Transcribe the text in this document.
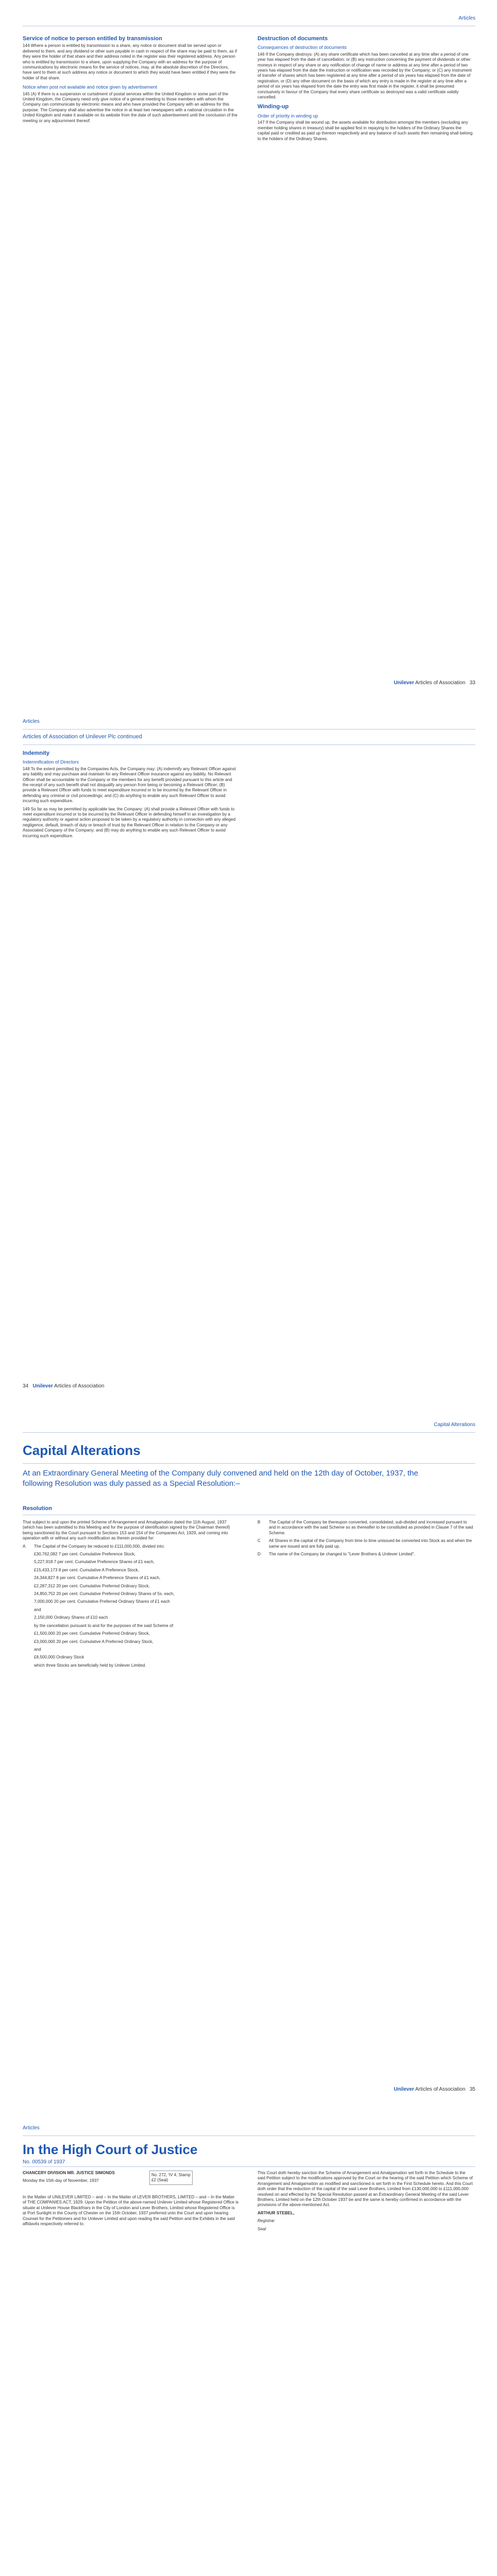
Articles
Service of notice to person entitled by transmission

144 Where a person is entitled by transmission to a share, any notice or document shall be served upon or delivered to them, and any dividend or other sum payable in cash in respect of the share may be paid to them, as if they were the holder of that share and their address noted in the register was their registered address. Any person who is entitled by transmission to a share, upon supplying the Company with an address for the purpose of communications by electronic means for the service of notices, may, at the absolute discretion of the Directors, have sent to them at such address any notice or document to which they would have been entitled if they were the holder of that share.

Notice when post not available and notice given by advertisement

145 (A) If there is a suspension or curtailment of postal services within the United Kingdom or some part of the United Kingdom, the Company need only give notice of a general meeting to those members with whom the Company can communicate by electronic means and who have provided the Company with an address for this purpose. The Company shall also advertise the notice in at least two newspapers with a national circulation in the United Kingdom and make it available on its website from the date of such advertisement until the conclusion of the meeting or any adjournment thereof.

Destruction of documents
Consequences of destruction of documents

146 If the Company destroys: (A) any share certificate which has been cancelled at any time after a period of one year has elapsed from the date of cancellation; or (B) any instruction concerning the payment of dividends or other moneys in respect of any share or any notification of change of name or address at any time after a period of two years has elapsed from the date the instruction or notification was recorded by the Company; or (C) any instrument of transfer of shares which has been registered at any time after a period of six years has elapsed from the date of registration; or (D) any other document on the basis of which any entry is made in the register at any time after a period of six years has elapsed from the date the entry was first made in the register, it shall be presumed conclusively in favour of the Company that every share certificate so destroyed was a valid certificate validly cancelled.

Winding-up
Order of priority in winding up

147 If the Company shall be wound up, the assets available for distribution amongst the members (excluding any member holding shares in treasury) shall be applied first in repaying to the holders of the Ordinary Shares the capital paid or credited as paid up thereon respectively and any balance of such assets then remaining shall belong to the holders of the Ordinary Shares.

Unilever Articles of Association 33
Articles
Articles of Association of Unilever Plc continued
Indemnity
Indemnification of Directors

148 To the extent permitted by the Companies Acts, the Company may: (A) indemnify any Relevant Officer against any liability and may purchase and maintain for any Relevant Officer insurance against any liability. No Relevant Officer shall be accountable to the Company or the members for any benefit provided pursuant to this article and the receipt of any such benefit shall not disqualify any person from being or becoming a Relevant Officer; (B) provide a Relevant Officer with funds to meet expenditure incurred or to be incurred by the Relevant Officer in defending any criminal or civil proceedings; and (C) do anything to enable any such Relevant Officer to avoid incurring such expenditure.

149 So far as may be permitted by applicable law, the Company: (A) shall provide a Relevant Officer with funds to meet expenditure incurred or to be incurred by the Relevant Officer in defending himself in an investigation by a regulatory authority or against action proposed to be taken by a regulatory authority in connection with any alleged negligence, default, breach of duty or breach of trust by the Relevant Officer in relation to the Company or any Associated Company of the Company; and (B) may do anything to enable any such Relevant Officer to avoid incurring such expenditure.

34 Unilever Articles of Association
Capital Alterations
Capital Alterations
At an Extraordinary General Meeting of the Company duly convened and held on the 12th day of October, 1937, the following Resolution was duly passed as a Special Resolution:–
Resolution

That subject to and upon the printed Scheme of Arrangement and Amalgamation dated the 11th August, 1937 (which has been submitted to this Meeting and for the purpose of identification signed by the Chairman thereof) being sanctioned by the Court pursuant to Sections 153 and 154 of the Companies Act, 1929, and coming into operation with or without any such modification as therein provided for:

A	The Capital of the Company be reduced to £111,000,000, divided into:

£30,762,082 7 per cent. Cumulative Preference Stock,

5,227,918 7 per cent. Cumulative Preference Shares of £1 each,

£15,433,173 8 per cent. Cumulative A Preference Stock,

24,344,827 8 per cent. Cumulative A Preference Shares of £1 each,

£2,287,312 20 per cent. Cumulative Preferred Ordinary Stock,

24,850,752 20 per cent. Cumulative Preferred Ordinary Shares of 5s. each,

7,000,000 20 per cent. Cumulative Preferred Ordinary Shares of £1 each

and

2,150,000 Ordinary Shares of £10 each

by the cancellation pursuant to and for the purposes of the said Scheme of:

£1,500,000 20 per cent. Cumulative Preferred Ordinary Stock,

£3,000,000 20 per cent. Cumulative A Preferred Ordinary Stock,

and

£8,500,000 Ordinary Stock

which three Stocks are beneficially held by Unilever Limited.

B	The Capital of the Company be thereupon converted, consolidated, sub-divided and increased pursuant to and in accordance with the said Scheme so as thereafter to be constituted as provided in Clause 7 of the said Scheme.

C	All Shares in the capital of the Company from time to time unissued be converted into Stock as and when the same are issued and are fully paid up.

D	The name of the Company be changed to "Lever Brothers & Unilever Limited".

Unilever Articles of Association 35
Articles
In the High Court of Justice
No. 00539 of 1937

CHANCERY DIVISION MR. JUSTICE SIMONDS

Monday the 15th day of November, 1937

No. 272, 'IV 4, Stamp £2 (Seal)

In the Matter of UNILEVER LIMITED – and – In the Matter of LEVER BROTHERS, LIMITED – and – In the Matter of THE COMPANIES ACT, 1929. Upon the Petition of the above-named Unilever Limited whose Registered Office is situate at Unilever House Blackfriars in the City of London and Lever Brothers, Limited whose Registered Office is at Port Sunlight in the County of Chester on the 15th October, 1937 preferred unto the Court and upon hearing Counsel for the Petitioners and for Unilever Limited and upon reading the said Petition and the Exhibits in the said affidavits respectively referred to.

This Court doth hereby sanction the Scheme of Arrangement and Amalgamation set forth in the Schedule to the said Petition subject to the modifications approved by the Court on the hearing of the said Petition which Scheme of Arrangement and Amalgamation as modified and sanctioned is set forth in the First Schedule hereto. And this Court doth order that the reduction of the capital of the said Lever Brothers, Limited from £130,000,000 to £111,000,000 resolved on and effected by the Special Resolution passed at an Extraordinary General Meeting of the said Lever Brothers, Limited held on the 12th October 1937 be and the same is hereby confirmed in accordance with the provisions of the above-mentioned Act.

ARTHUR STEBEL,

Registrar

Seal
